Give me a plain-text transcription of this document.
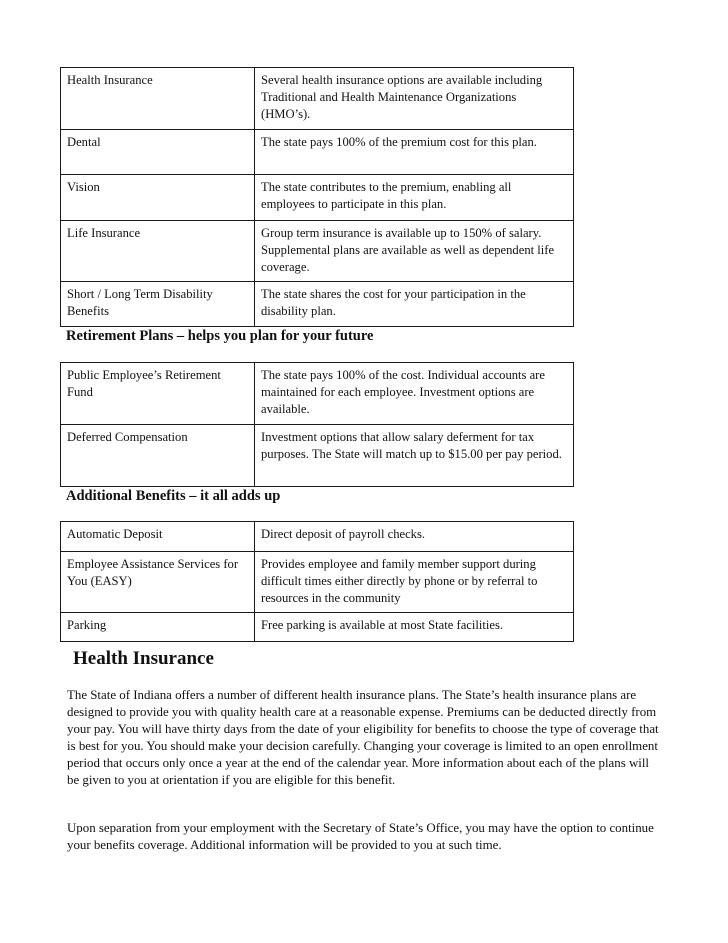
Health Insurance	Several health insurance options are available including Traditional and Health Maintenance Organizations (HMO’s).
Dental	The state pays 100% of the premium cost for this plan.
Vision	The state contributes to the premium, enabling all employees to participate in this plan.
Life Insurance	Group term insurance is available up to 150% of salary. Supplemental plans are available as well as dependent life coverage.
Short / Long Term Disability Benefits	The state shares the cost for your participation in the disability plan.
Retirement Plans – helps you plan for your future
Public Employee’s Retirement Fund	The state pays 100% of the cost. Individual accounts are maintained for each employee. Investment options are available.
Deferred Compensation	Investment options that allow salary deferment for tax purposes. The State will match up to $15.00 per pay period.
Additional Benefits – it all adds up
Automatic Deposit	Direct deposit of payroll checks.
Employee Assistance Services for You (EASY)	Provides employee and family member support during difficult times either directly by phone or by referral to resources in the community
Parking	Free parking is available at most State facilities.
Health Insurance

The State of Indiana offers a number of different health insurance plans. The State’s health insurance plans are designed to provide you with quality health care at a reasonable expense. Premiums can be deducted directly from your pay. You will have thirty days from the date of your eligibility for benefits to choose the type of coverage that is best for you. You should make your decision carefully. Changing your coverage is limited to an open enrollment period that occurs only once a year at the end of the calendar year. More information about each of the plans will be given to you at orientation if you are eligible for this benefit.

Upon separation from your employment with the Secretary of State’s Office, you may have the option to continue your benefits coverage. Additional information will be provided to you at such time.
